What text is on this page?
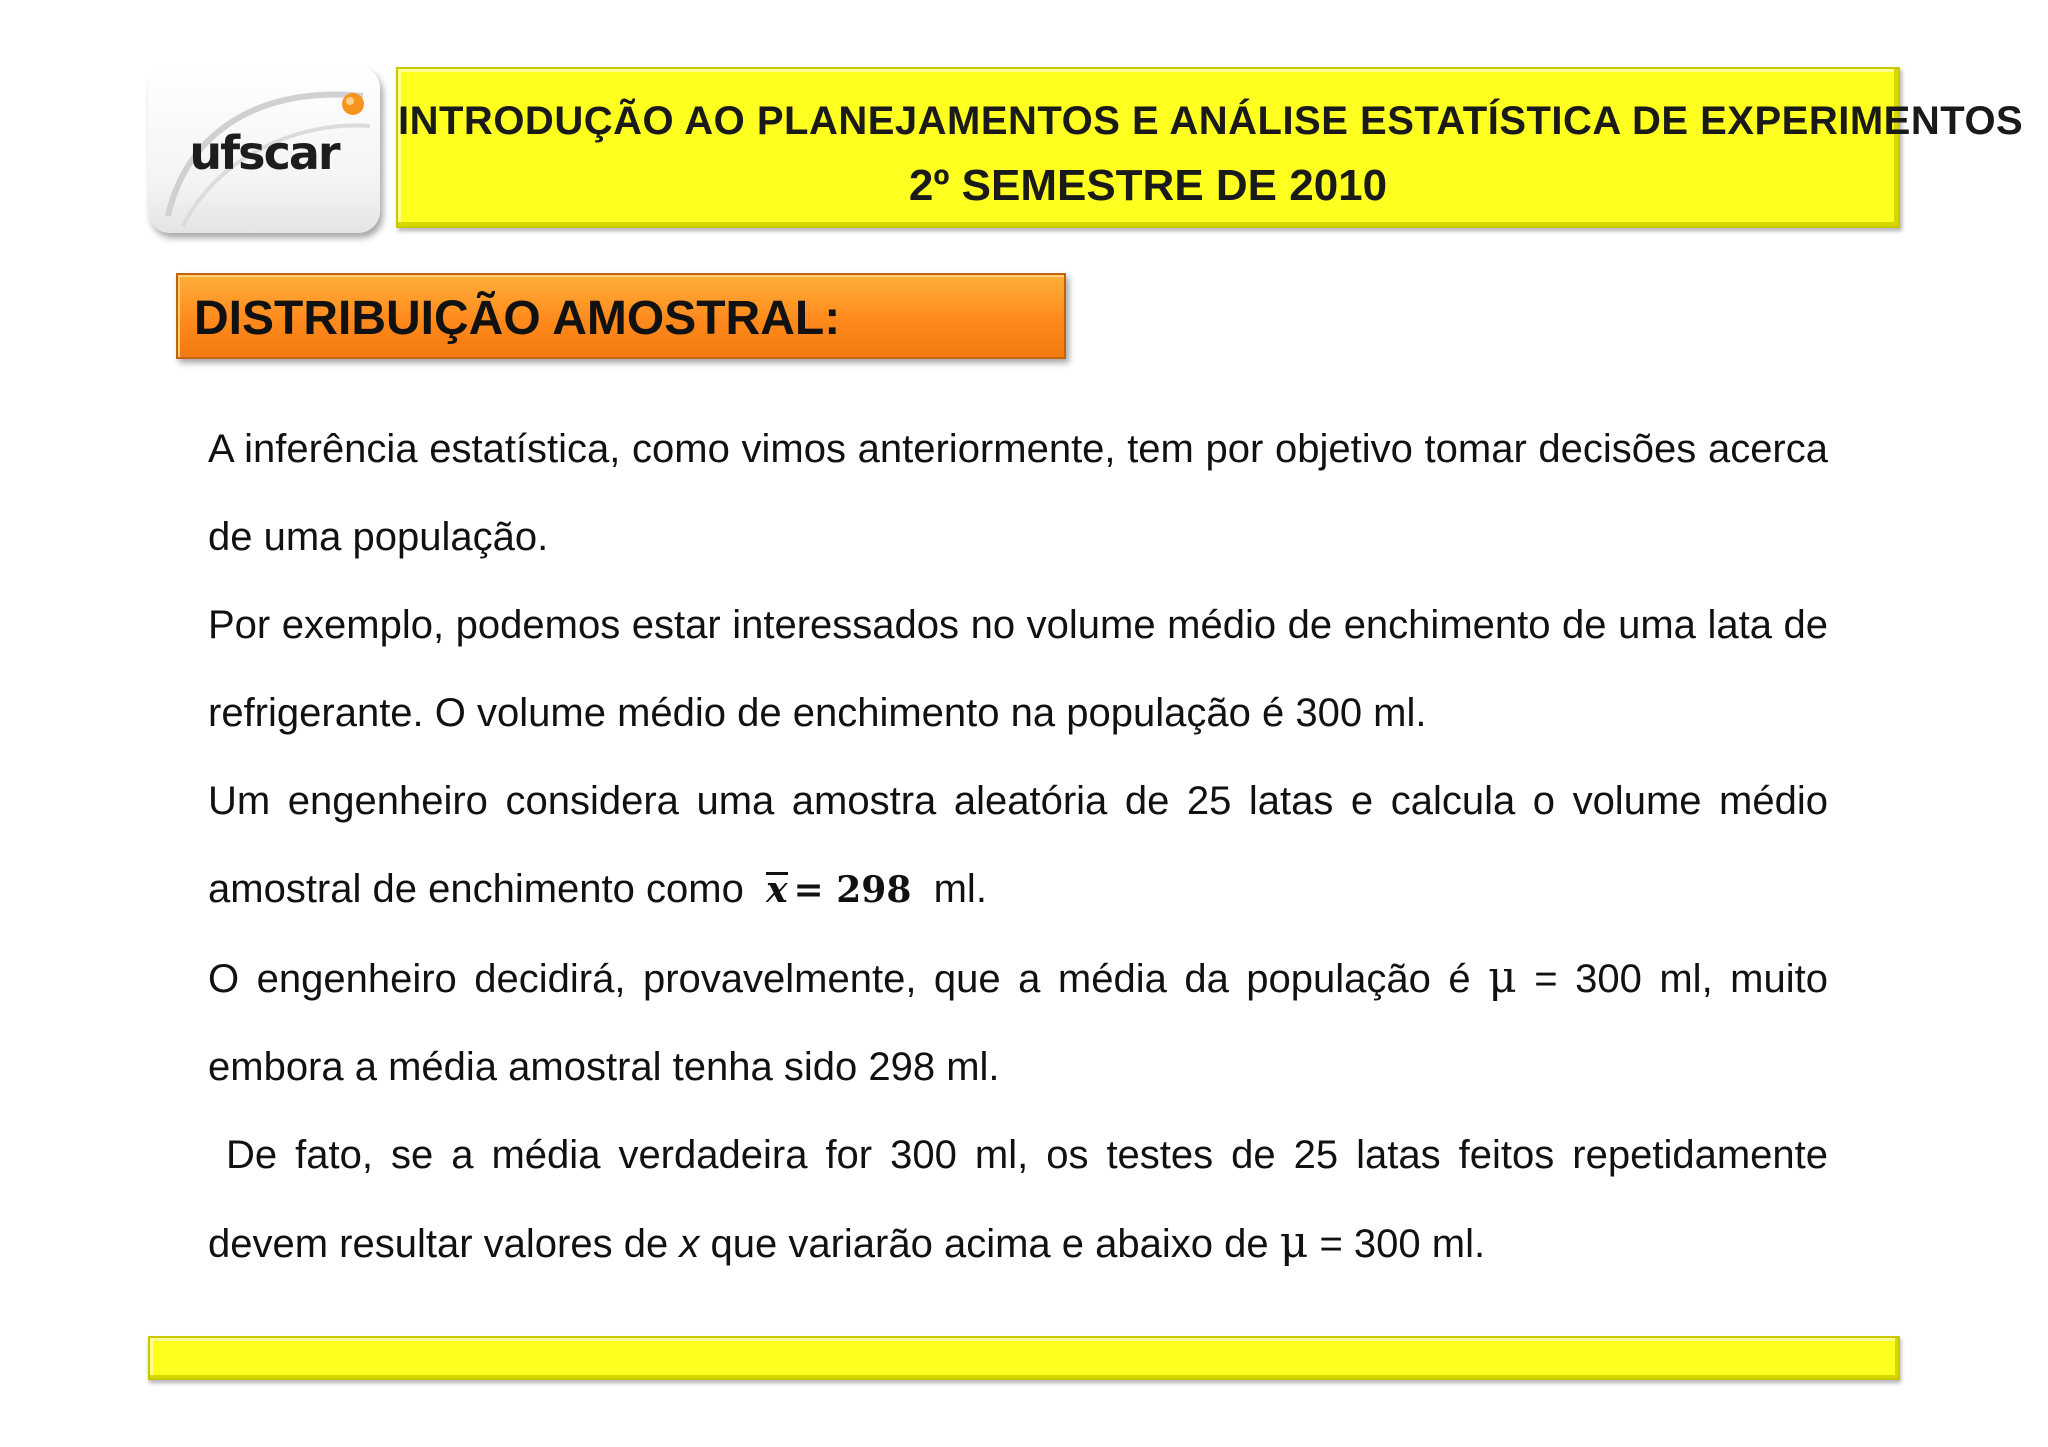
ufscar
INTRODUÇÃO AO PLANEJAMENTOS E ANÁLISE ESTATÍSTICA DE EXPERIMENTOS
2º SEMESTRE DE 2010
DISTRIBUIÇÃO AMOSTRAL:

A inferência estatística, como vimos anteriormente, tem por objetivo tomar decisões acerca de uma população.

Por exemplo, podemos estar interessados no volume médio de enchimento de uma lata de refrigerante. O volume médio de enchimento na população é 300 ml.

Um engenheiro considera uma amostra aleatória de 25 latas e calcula o volume médio amostral de enchimento como x = 298 ml.

O engenheiro decidirá, provavelmente, que a média da população é μ = 300 ml, muito embora a média amostral tenha sido 298 ml.

De fato, se a média verdadeira for 300 ml, os testes de 25 latas feitos repetidamente devem resultar valores de x que variarão acima e abaixo de μ = 300 ml.
